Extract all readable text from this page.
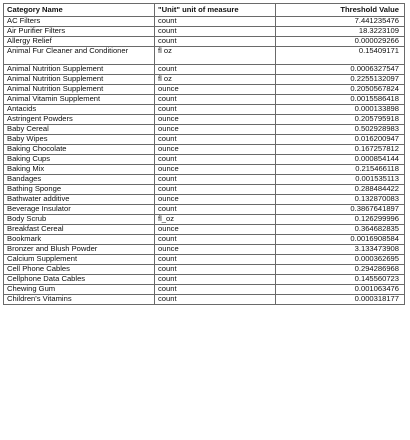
Category Name	"Unit" unit of measure	Threshold Value
AC Filters	count	7.441235476
Air Purifier Filters	count	18.3223109
Allergy Relief	count	0.000029266
Animal Fur Cleaner and Conditioner	fl oz	0.15409171
Animal Nutrition Supplement	count	0.0006327547
Animal Nutrition Supplement	fl oz	0.2255132097
Animal Nutrition Supplement	ounce	0.2050567824
Animal Vitamin Supplement	count	0.0015586418
Antacids	count	0.000133898
Astringent Powders	ounce	0.205795918
Baby Cereal	ounce	0.502928983
Baby Wipes	count	0.016200947
Baking Chocolate	ounce	0.167257812
Baking Cups	count	0.000854144
Baking Mix	ounce	0.215466118
Bandages	count	0.001535113
Bathing Sponge	count	0.288484422
Bathwater additive	ounce	0.132870083
Beverage Insulator	count	0.3867641897
Body Scrub	fl_oz	0.126299996
Breakfast Cereal	ounce	0.364682835
Bookmark	count	0.0016908584
Bronzer and Blush Powder	ounce	3.133473908
Calcium Supplement	count	0.000362695
Cell Phone Cables	count	0.294286968
Cellphone Data Cables	count	0.145560723
Chewing Gum	count	0.001063476
Children's Vitamins	count	0.000318177
